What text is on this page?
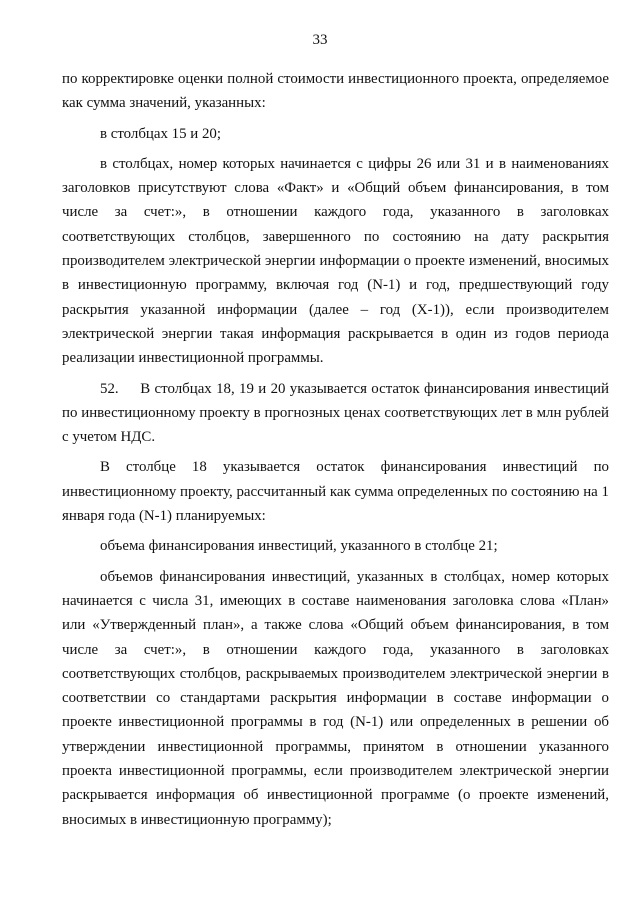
33

по корректировке оценки полной стоимости инвестиционного проекта, определяемое как сумма значений, указанных:

в столбцах 15 и 20;

в столбцах, номер которых начинается с цифры 26 или 31 и в наименованиях заголовков присутствуют слова «Факт» и «Общий объем финансирования, в том числе за счет:», в отношении каждого года, указанного в заголовках соответствующих столбцов, завершенного по состоянию на дату раскрытия производителем электрической энергии информации о проекте изменений, вносимых в инвестиционную программу, включая год (N-1) и год, предшествующий году раскрытия указанной информации (далее – год (X-1)), если производителем электрической энергии такая информация раскрывается в один из годов периода реализации инвестиционной программы.

52.     В столбцах 18, 19 и 20 указывается остаток финансирования инвестиций по инвестиционному проекту в прогнозных ценах соответствующих лет в млн рублей с учетом НДС.

В столбце 18 указывается остаток финансирования инвестиций по инвестиционному проекту, рассчитанный как сумма определенных по состоянию на 1 января года (N-1) планируемых:

объема финансирования инвестиций, указанного в столбце 21;

объемов финансирования инвестиций, указанных в столбцах, номер которых начинается с числа 31, имеющих в составе наименования заголовка слова «План» или «Утвержденный план», а также слова «Общий объем финансирования, в том числе за счет:», в отношении каждого года, указанного в заголовках соответствующих столбцов, раскрываемых производителем электрической энергии в соответствии со стандартами раскрытия информации в составе информации о проекте инвестиционной программы в год (N-1) или определенных в решении об утверждении инвестиционной программы, принятом в отношении указанного проекта инвестиционной программы, если производителем электрической энергии раскрывается информация об инвестиционной программе (о проекте изменений, вносимых в инвестиционную программу);
